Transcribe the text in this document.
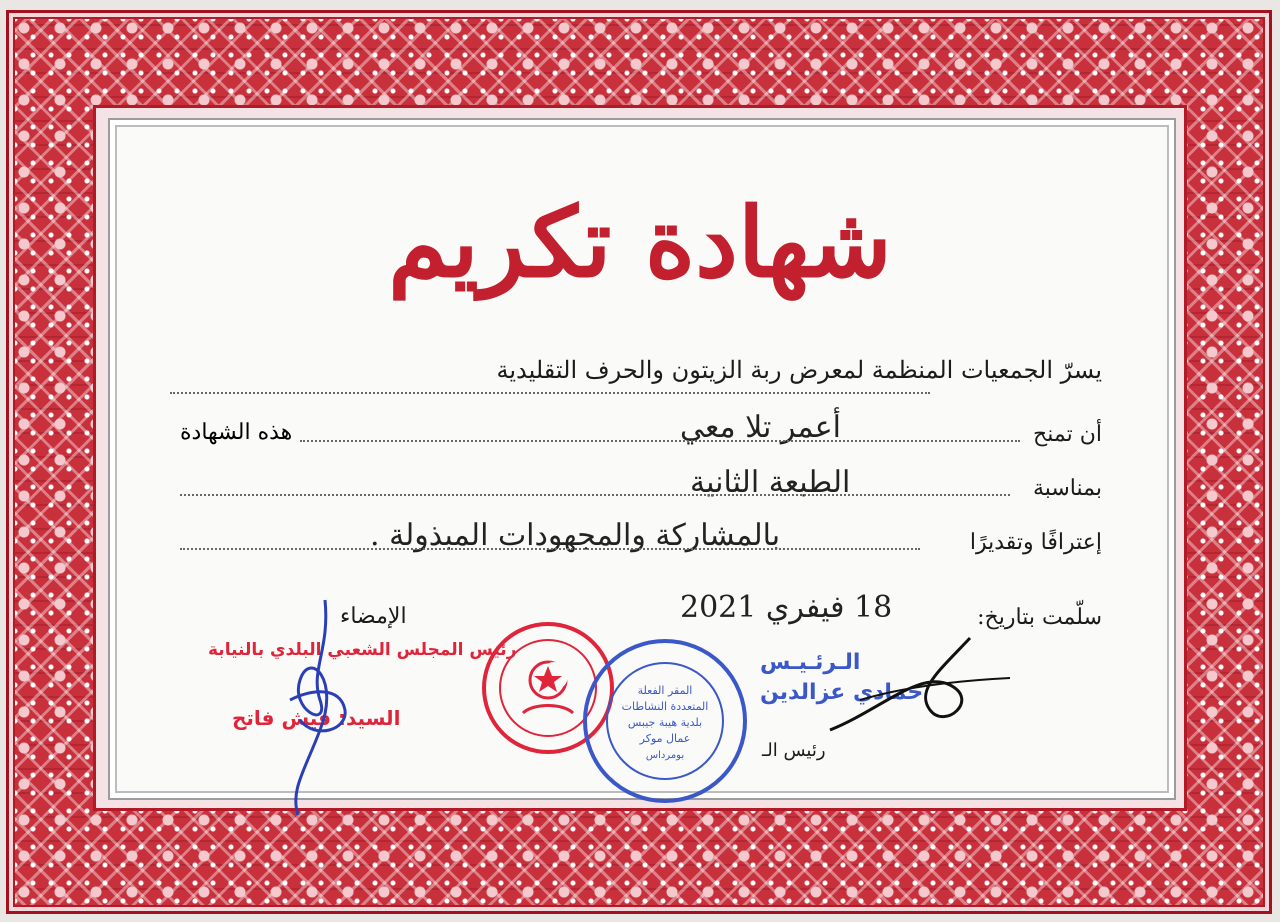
شهادة تكريم
يسرّ الجمعيات المنظمة لمعرض ربة الزيتون والحرف التقليدية
أن تمنح
أعمر تلا معي
هذه الشهادة
بمناسبة
الطبعة الثانية
إعترافًا وتقديرًا
بالمشاركة والمجهودات المبذولة .
سلّمت بتاريخ:
18 فيفري 2021
الإمضاء
رئيس المجلس الشعبي البلدي بالنيابة
السيد: فيش فاتح
المقر الفعلة
المتعددة النشاطات
بلدية هيبة جيبس
عمال موكر
بومرداس
الـرئـيـس
حمادي عزالدين
رئيس الـ
